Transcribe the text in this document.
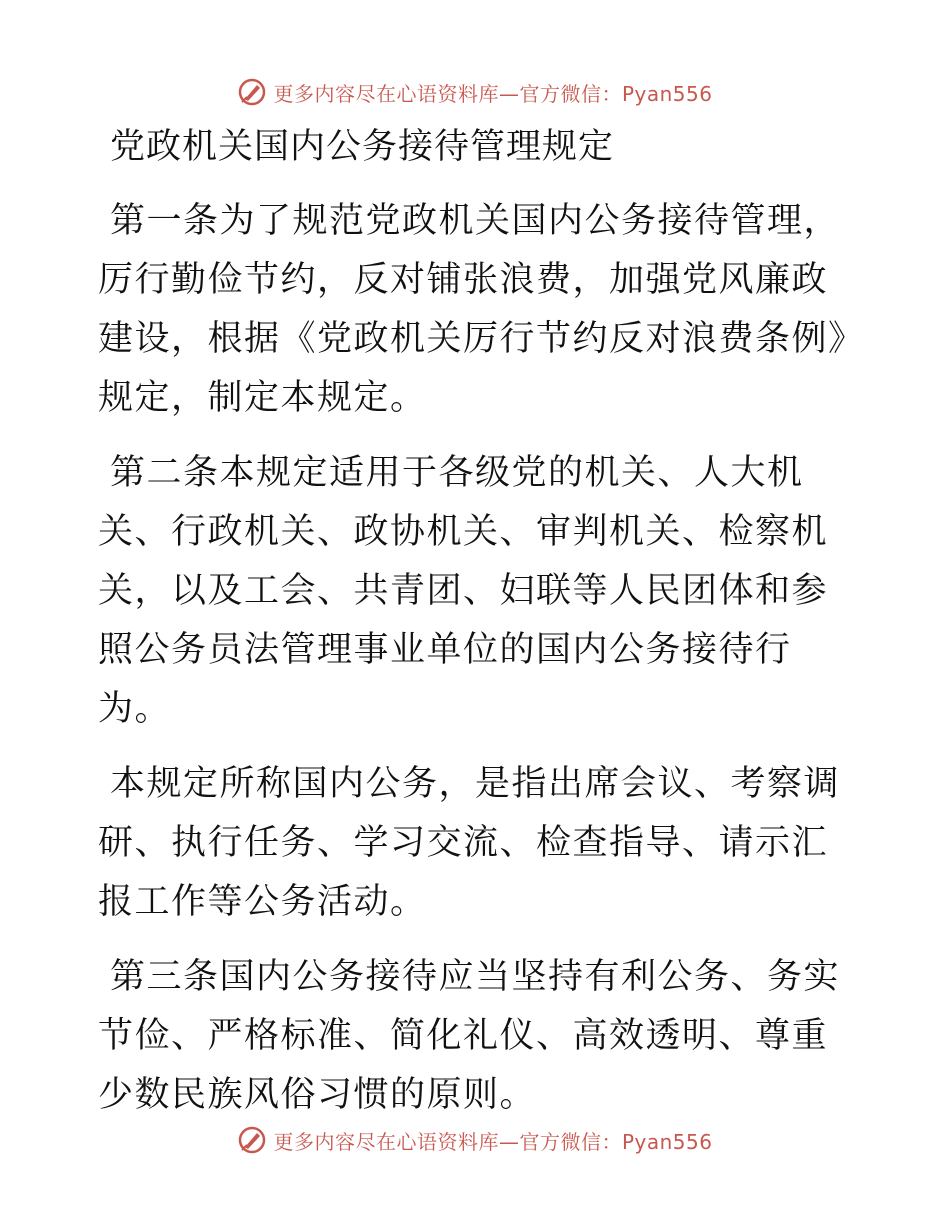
更多内容尽在心语资料库—官方微信：Pyan556
党政机关国内公务接待管理规定

第一条为了规范党政机关国内公务接待管理，厉行勤俭节约，反对铺张浪费，加强党风廉政建设，根据《党政机关厉行节约反对浪费条例》规定，制定本规定。

第二条本规定适用于各级党的机关、人大机关、行政机关、政协机关、审判机关、检察机关，以及工会、共青团、妇联等人民团体和参照公务员法管理事业单位的国内公务接待行为。

本规定所称国内公务，是指出席会议、考察调研、执行任务、学习交流、检查指导、请示汇报工作等公务活动。

第三条国内公务接待应当坚持有利公务、务实节俭、严格标准、简化礼仪、高效透明、尊重少数民族风俗习惯的原则。

更多内容尽在心语资料库—官方微信：Pyan556
